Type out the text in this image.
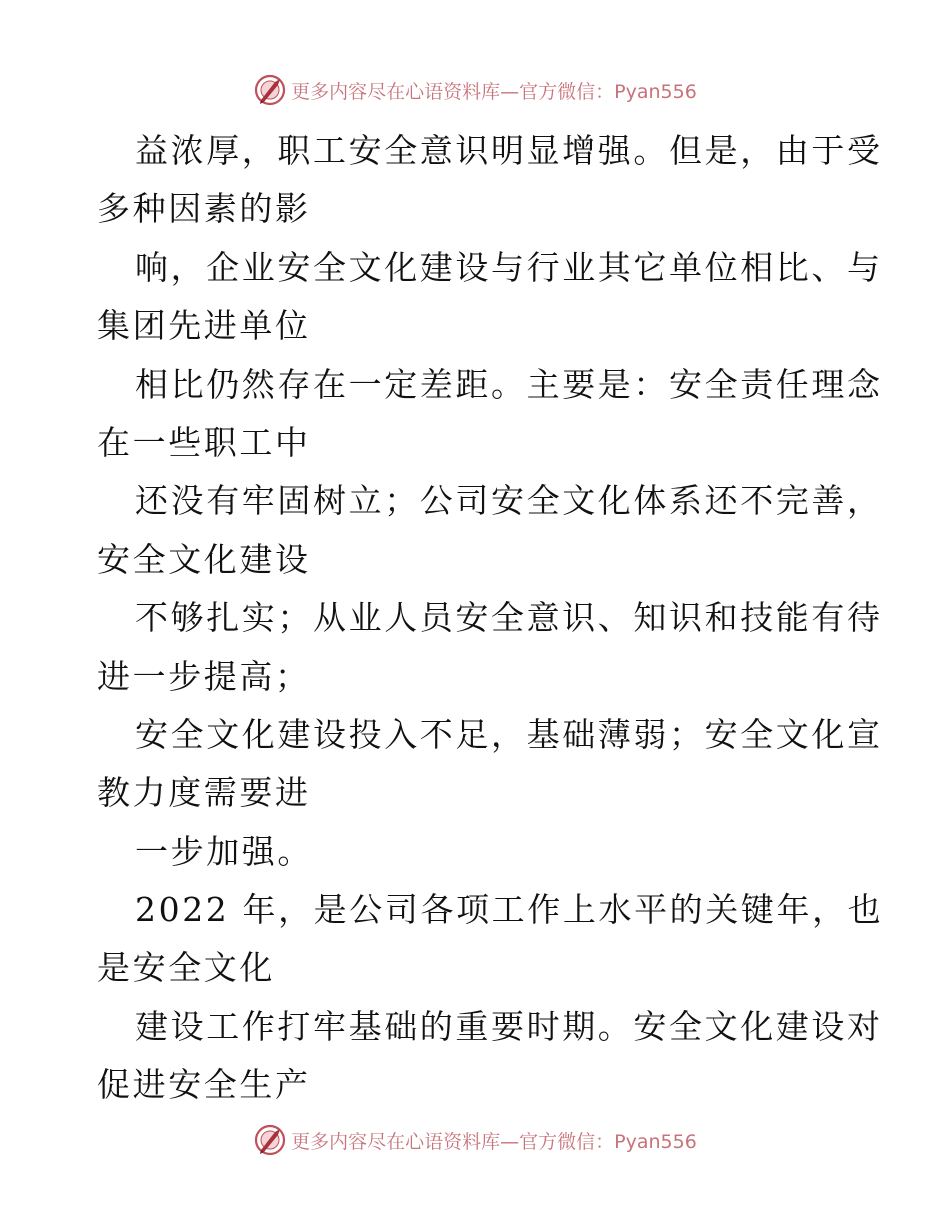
更多内容尽在心语资料库—官方微信：Pyan556
益浓厚，职工安全意识明显增强。但是，由于受
多种因素的影
响，企业安全文化建设与行业其它单位相比、与
集团先进单位
相比仍然存在一定差距。主要是：安全责任理念
在一些职工中
还没有牢固树立；公司安全文化体系还不完善，
安全文化建设
不够扎实；从业人员安全意识、知识和技能有待
进一步提高；
安全文化建设投入不足，基础薄弱；安全文化宣
教力度需要进
一步加强。
2022 年，是公司各项工作上水平的关键年，也
是安全文化
建设工作打牢基础的重要时期。安全文化建设对
促进安全生产
更多内容尽在心语资料库—官方微信：Pyan556
